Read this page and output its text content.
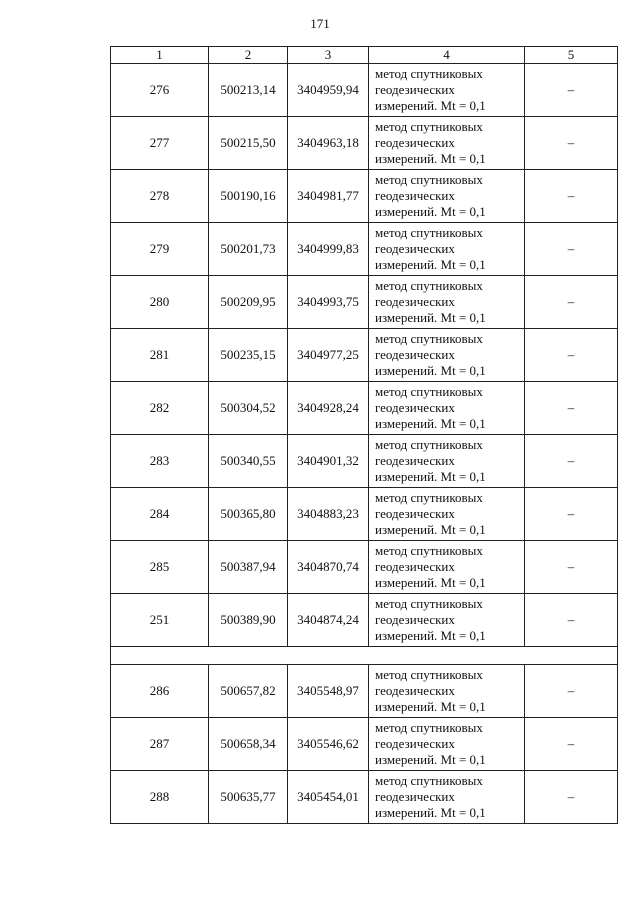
171
1	2	3	4	5
276	500213,14	3404959,94	метод спутниковых
геодезических
измерений. Mt = 0,1	–
277	500215,50	3404963,18	метод спутниковых
геодезических
измерений. Mt = 0,1	–
278	500190,16	3404981,77	метод спутниковых
геодезических
измерений. Mt = 0,1	–
279	500201,73	3404999,83	метод спутниковых
геодезических
измерений. Mt = 0,1	–
280	500209,95	3404993,75	метод спутниковых
геодезических
измерений. Mt = 0,1	–
281	500235,15	3404977,25	метод спутниковых
геодезических
измерений. Mt = 0,1	–
282	500304,52	3404928,24	метод спутниковых
геодезических
измерений. Mt = 0,1	–
283	500340,55	3404901,32	метод спутниковых
геодезических
измерений. Mt = 0,1	–
284	500365,80	3404883,23	метод спутниковых
геодезических
измерений. Mt = 0,1	–
285	500387,94	3404870,74	метод спутниковых
геодезических
измерений. Mt = 0,1	–
251	500389,90	3404874,24	метод спутниковых
геодезических
измерений. Mt = 0,1	–

286	500657,82	3405548,97	метод спутниковых
геодезических
измерений. Mt = 0,1	–
287	500658,34	3405546,62	метод спутниковых
геодезических
измерений. Mt = 0,1	–
288	500635,77	3405454,01	метод спутниковых
геодезических
измерений. Mt = 0,1	–
